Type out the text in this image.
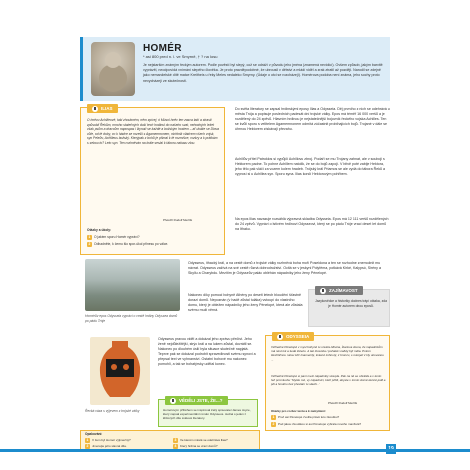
HOMÉR
* asi 800 pred n. l. ve Smyrně, † ? na Iosu
Je nejstarším známým řeckým autorem. Podle pověstí byl slepý, což se odráží v původu jeho jména (znamená nevidící). Ovšem způsob, jakým barvitě vyprávěl, neodpovídá vnímání slepého člověka. Je proto pravděpodobné, že ubrousil v dětství a mládí viděl a zrak ztratil až později. Narodil se zdejně jako nemanželské dítě matce Kreitheis u řeky Meles nedaleko Smyrny. (Údaje o otci se rozcházejí). Homérova podoba není známa, jeho sochy proto nevycházejí ze skutečnosti.
ILIAS
O hněvu Achilleově, taki zhoubném, něm zpívej, ó Músol hněv ten zasca takí a strasti způsobil Řekům, mnoho statečných duší tech hodinul do našeho svat, nehodných ležet však psům a dravcům napospas i lkynutí se každé a božským hostem – ať ukáže se Diova vůle, od té doby, co k hádce se rozešli s Agamemnonem, nichtnik vládcem všech vojsk, syn Peleův, Achilleus božský. Kterýpak z bohů je přimal k té rozmíšce, rozkry a k prátkám s sebou to? Leto syn. Ten rozhněván na krále seslal k táboru nakazu zlou.
Přeložil Rudolf Mertlík
Otázky a úkoly:
1 O jakém sporu Homér vypráví?
2 Odhadněte, k čemu šlo spor-úkol přinesu po válce.
Do světa literatury se zapsal hrdinskými eposy Ilias a Odysseia. Děj prvního z nich se odehrává u města Trója a popisuje posledních padesát dní trojské války. Epos má téměř 16 000 veršů a je rozdělený do 24 zpěvů. Hlavním hrdinou je nejstatečnější bojovník řeckého vojska Achilles. Ten se kvůli sporu s velitelem Agamemnonem odmítá zúčastnit probíhajících bojů. Trojané v dále se úhrnou Hektorem získávají převahu.
Achillův přítel Patroklos si vypůjčí Achillovu zbroj. Podaří se mu Trojany zahnat, ale v souboji s Hektorem padne. To pohne Achillem natolik, že se do bojů zapojí. V bitvě poté zabije Hektora, jeho tělo pak vláčí za vozem kolem hradeb. Trójský král Priamos se ale vydá do tábora Řeků a vyprosí si u Achillea syn. Sporu syna. Ilias končí Hektorovým pohřbem.
Na epos Ilias navazuje rozsáhlá výpravná skladba Odysseia. Epos má 12 111 veršů rozdělených do 24 zpěvů. Vypráví o lstivém hrdinovi Odysseovi, který se po pádu Tróje vrací deset let domů na Ithaku.
Homérův epos Odysseia vypráví o cestě hrdiny Odyssea domů po pádu Tróje
Odysseus, ithacký král, a na cestě domů z trojské války rozhněvá boha moří Poseidona a ten se rozhodne znemožnit mu návrat. Odysseus zažívá na své cestě různá dobrodružství. Ocitá se v jeskyni Polyféma, potkává Kirké, Kalypsó, Sirény a Skyllu a Charybdu. Mezitím je Odysseův palác obléhán nápadníky jeho ženy Pénelopé.
Nakonec díky pomoci bohyně Athény po deseti letech bloudění šťastně dorazí domů. Nepoznán (v hadě zůstal tuláka) vstoupí do vlastního domu, který je obležen nápadníky jeho ženy Pénelopé, která ale zůstala svému muži věrná.
ZAJÍMAVOST
Jazykovědce a historiky dodnes trápí otázka, zda je Homér autorem obou eposů.
Řecká váza s výjevem z trojské války
Odysseus pravou viděl a dokázal jeho zprávu přečíst. Jeho ženě nejdůležitější, strýc král a na lukem zůstal, dovrátil se. Nakonec po dlouhém úsilí byla situace skutečně napjatá. Teprve pak se dokázal podrobit spravedlnosti svému synovi a přepsal text ve vyhnanství. Ostatní bohové mu nakonec pomohli, a tak se bohatýrsky udělal konec.
VĚDĚLI JSTE, ŽE...?
Homérovým příběhem se inspiroval irský spisovatel James Joyce, který napsal experimentální román Odysseus. Jedná o jeden z klíčových díle světové literatury.
ODYSSEIA
Vzhledné Pénelopě v mysl bohyně tu vnukla Athéna, Íkariova dcera, že nápadníkům má nést luk a šedé železo. A tak zkouška i počátek vraždy být měla. Potom šlechtičnou rukou klíč znamenitý, krásně zohnutý, z bronzu, s rukojetí z kly ukovanou ...
Vzhledně Pénelopé si paní mezi nápadníky stoupla. Pak na ně se obrátila a v tento řeč promluvila: 'Slyšte mě, vy nápadníci, kteří přišli, abyste v tomto domě denně jedli a pili a hostinu bez přestání tu slavili...'
Přeložil Rudolf Mertlík
Otázky pro rozbor textu a k zamyšlení:
1 Proč asi Pénelopé zvolila právě tuto zkoušku?
2 Pod jakou zkouškou si asi Pénelopé vybrala nového manžela?
Opakování:
1 V čem byl Homér výjimečný?
2 Jmenujte jeho slavná díla.
3 Ve kterém městě se odehrává Ilias?
4 Který hrdina se vrací domů?
